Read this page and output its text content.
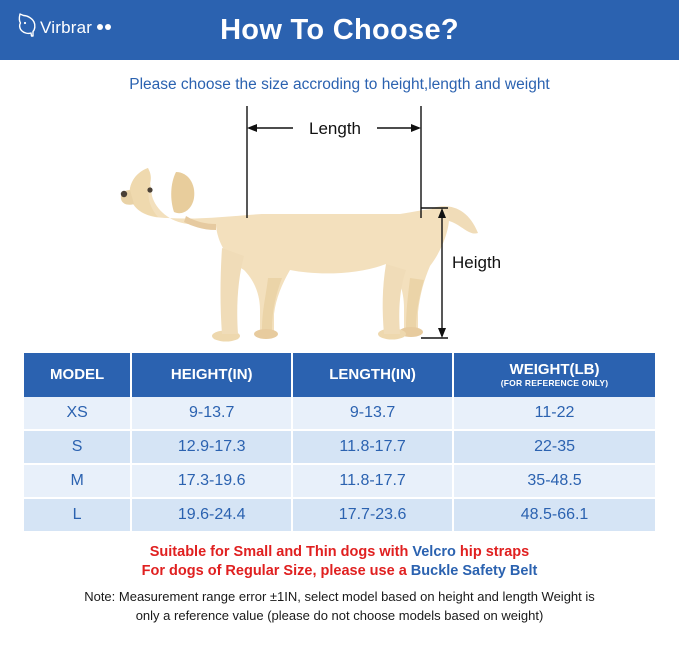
Virbrar	How To Choose?
Please choose the size accroding to height,length and weight
Length
Heigth
MODEL	HEIGHT(IN)	LENGTH(IN)	WEIGHT(LB)
(FOR REFERENCE ONLY)

XS	9-13.7	9-13.7	11-22
S	12.9-17.3	11.8-17.7	22-35
M	17.3-19.6	11.8-17.7	35-48.5
L	19.6-24.4	17.7-23.6	48.5-66.1
Suitable for Small and Thin dogs with Velcro hip straps
For dogs of Regular Size, please use a Buckle Safety Belt
Note: Measurement range error ±1IN, select model based on height and length Weight is
only a reference value (please do not choose models based on weight)
